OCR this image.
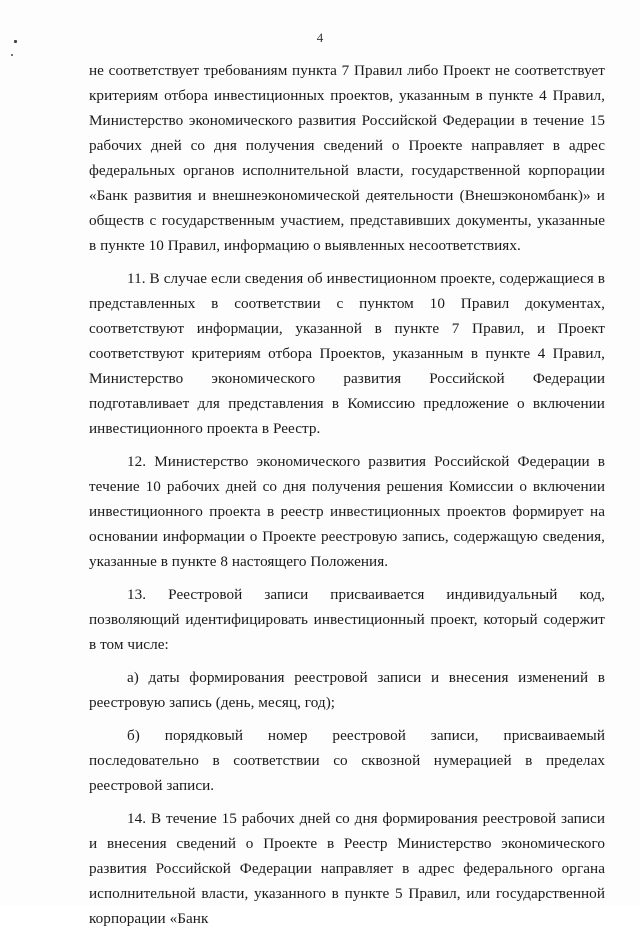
4

не соответствует требованиям пункта 7 Правил либо Проект не соответствует критериям отбора инвестиционных проектов, указанным в пункте 4 Правил, Министерство экономического развития Российской Федерации в течение 15 рабочих дней со дня получения сведений о Проекте направляет в адрес федеральных органов исполнительной власти, государственной корпорации «Банк развития и внешнеэкономической деятельности (Внешэкономбанк)» и обществ с государственным участием, представивших документы, указанные в пункте 10 Правил, информацию о выявленных несоответствиях.

11. В случае если сведения об инвестиционном проекте, содержащиеся в представленных в соответствии с пунктом 10 Правил документах, соответствуют информации, указанной в пункте 7 Правил, и Проект соответствуют критериям отбора Проектов, указанным в пункте 4 Правил, Министерство экономического развития Российской Федерации подготавливает для представления в Комиссию предложение о включении инвестиционного проекта в Реестр.

12. Министерство экономического развития Российской Федерации в течение 10 рабочих дней со дня получения решения Комиссии о включении инвестиционного проекта в реестр инвестиционных проектов формирует на основании информации о Проекте реестровую запись, содержащую сведения, указанные в пункте 8 настоящего Положения.

13. Реестровой записи присваивается индивидуальный код, позволяющий идентифицировать инвестиционный проект, который содержит в том числе:

а) даты формирования реестровой записи и внесения изменений в реестровую запись (день, месяц, год);

б) порядковый номер реестровой записи, присваиваемый последовательно в соответствии со сквозной нумерацией в пределах реестровой записи.

14. В течение 15 рабочих дней со дня формирования реестровой записи и внесения сведений о Проекте в Реестр Министерство экономического развития Российской Федерации направляет в адрес федерального органа исполнительной власти, указанного в пункте 5 Правил, или государственной корпорации «Банк
